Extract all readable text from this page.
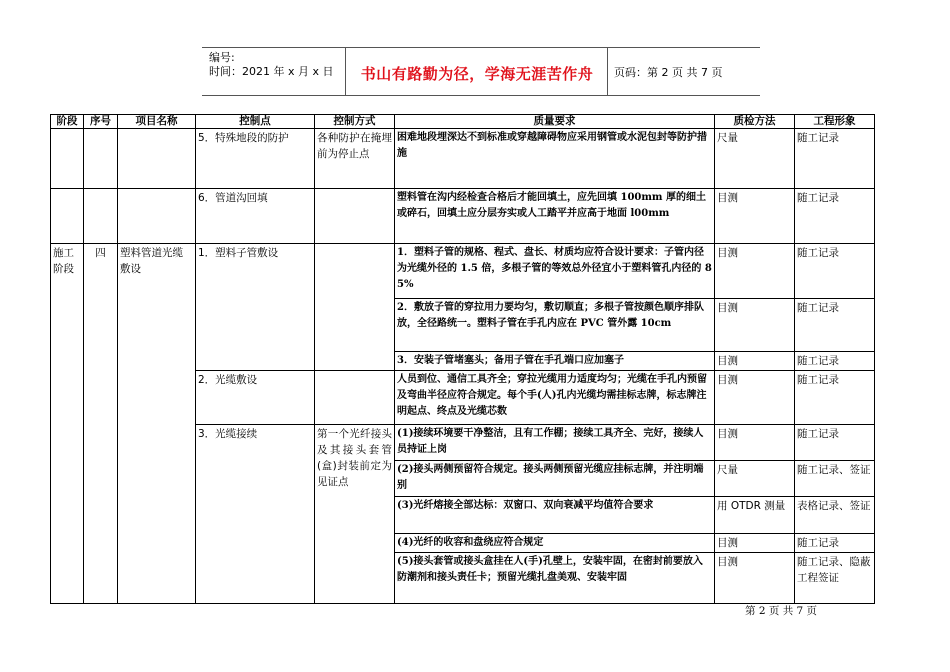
编号:
时间：2021 年 x 月 x 日	书山有路勤为径，学海无涯苦作舟	页码：第 2 页 共 7 页
阶段	序号	项目名称	控制点	控制方式	质量要求	质检方法	工程形象
			5．特殊地段的防护	各种防护在掩埋前为停止点	困难地段埋深达不到标准或穿越障碍物应采用钢管或水泥包封等防护措施	尺量	随工记录
			6．管道沟回填		塑料管在沟内经检查合格后才能回填土，应先回填 100mm 厚的细土或碎石，回填土应分层夯实或人工踏平并应高于地面 l00mm	目测	随工记录
施工阶段	四	塑料管道光缆敷设	1．塑料子管敷设		1．塑料子管的规格、程式、盘长、材质均应符合设计要求：子管内径为光缆外径的 1.5 倍，多根子管的等效总外径宜小于塑料管孔内径的 85%	目测	随工记录
					2．敷放子管的穿拉用力要均匀，敷切顺直；多根子管按颜色顺序排队放，全径路统一。塑料子管在手孔内应在 PVC 管外露 10cm	目测	随工记录
					3．安装子管堵塞头；备用子管在手孔端口应加塞子	目测	随工记录
			2．光缆敷设		人员到位、通信工具齐全；穿拉光缆用力适度均匀；光缆在手孔内预留及弯曲半径应符合规定。每个手(人)孔内光缆均需挂标志牌，标志牌注明起点、终点及光缆芯数	目测	随工记录
			3．光缆接续	第一个光纤接头及其接头套管(盒)封装前定为见证点	(1)接续环境要干净整洁，且有工作棚；接续工具齐全、完好，接续人员持证上岗	目测	随工记录
					(2)接头两侧预留符合规定。接头两侧预留光缆应挂标志牌，并注明端别	尺量	随工记录、签证
					(3)光纤熔接全部达标：双窗口、双向衰减平均值符合要求	用 OTDR 测量	表格记录、签证
					(4)光纤的收容和盘绕应符合规定	目测	随工记录
					(5)接头套管或接头盒挂在人(手)孔壁上，安装牢固，在密封前要放入防潮剂和接头责任卡；预留光缆扎盘美观、安装牢固	目测	随工记录、隐蔽工程签证
第 2 页 共 7 页
